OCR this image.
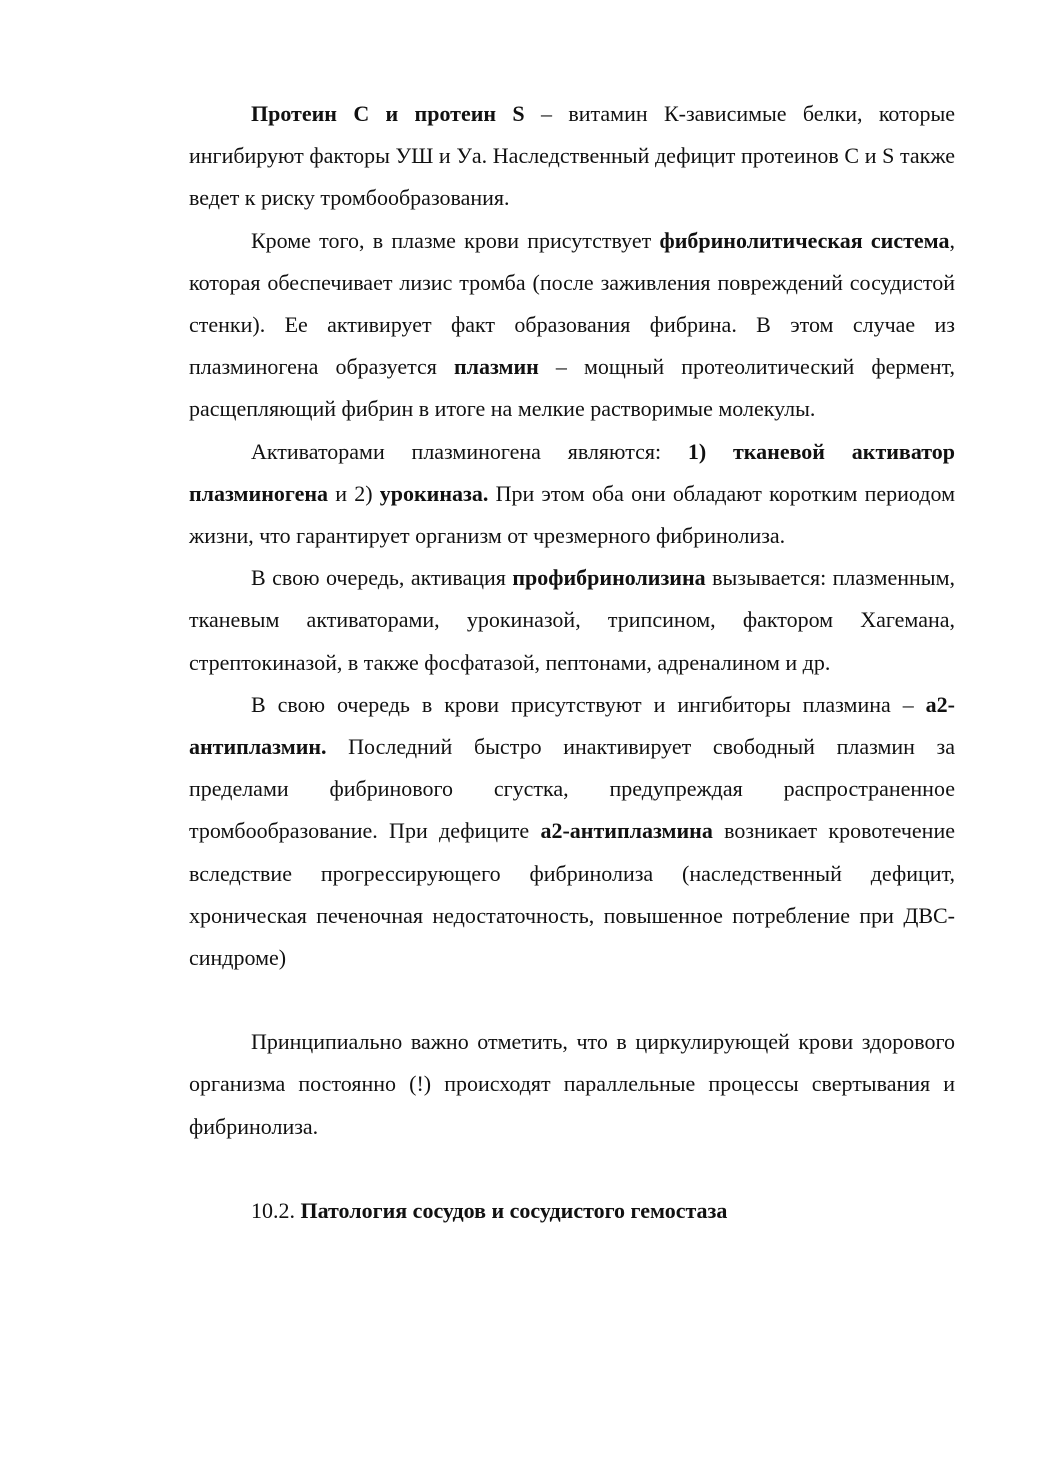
Протеин C и протеин S – витамин К-зависимые белки, которые ингибируют факторы УШ и Уа. Наследственный дефицит протеинов С и S также ведет к риску тромбообразования.

Кроме того, в плазме крови присутствует фибринолитическая система, которая обеспечивает лизис тромба (после заживления повреждений сосудистой стенки). Ее активирует факт образования фибрина. В этом случае из плазминогена образуется плазмин – мощный протеолитический фермент, расщепляющий фибрин в итоге на мелкие растворимые молекулы.

Активаторами плазминогена являются: 1) тканевой активатор плазминогена и 2) урокиназа. При этом оба они обладают коротким периодом жизни, что гарантирует организм от чрезмерного фибринолиза.

В свою очередь, активация профибринолизина вызывается: плазменным, тканевым активаторами, урокиназой, трипсином, фактором Хагемана, стрептокиназой, в также фосфатазой, пептонами, адреналином и др.

В свою очередь в крови присутствуют и ингибиторы плазмина – а2-антиплазмин. Последний быстро инактивирует свободный плазмин за пределами фибринового сгустка, предупреждая распространенное тромбообразование. При дефиците а2-антиплазмина возникает кровотечение вследствие прогрессирующего фибринолиза (наследственный дефицит, хроническая печеночная недостаточность, повышенное потребление при ДВС-синдроме)

Принципиально важно отметить, что в циркулирующей крови здорового организма постоянно (!) происходят параллельные процессы свертывания и фибринолиза.

10.2. Патология сосудов и сосудистого гемостаза
